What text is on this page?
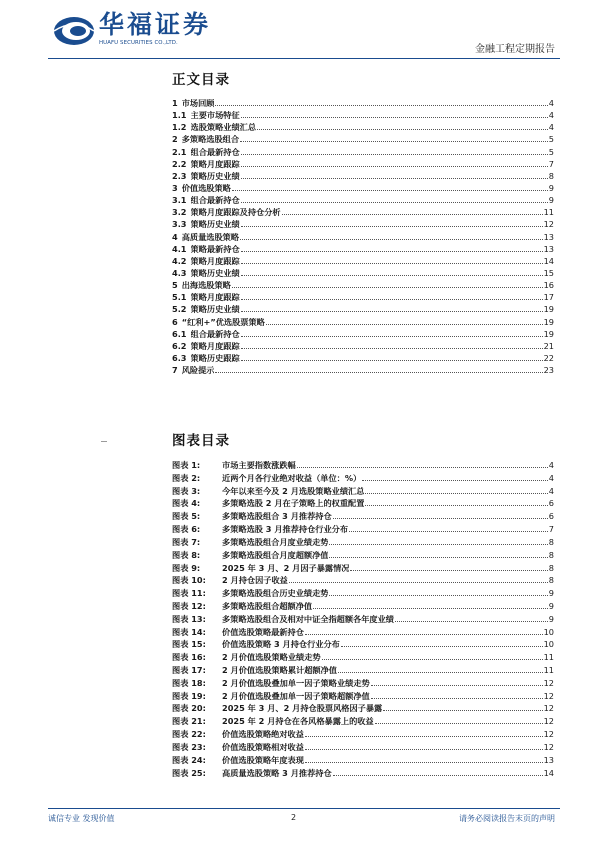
华福证券
HUAFU SECURITIES CO.,LTD.
金融工程定期报告
正文目录
1 市场回顾	4
1.1 主要市场特征	4
1.2 选股策略业绩汇总	4
2 多策略选股组合	5
2.1 组合最新持仓	5
2.2 策略月度跟踪	7
2.3 策略历史业绩	8
3 价值选股策略	9
3.1 组合最新持仓	9
3.2 策略月度跟踪及持仓分析	11
3.3 策略历史业绩	12
4 高质量选股策略	13
4.1 策略最新持仓	13
4.2 策略月度跟踪	14
4.3 策略历史业绩	15
5 出海选股策略	16
5.1 策略月度跟踪	17
5.2 策略历史业绩	19
6 “红利+”优选股票策略	19
6.1 组合最新持仓	19
6.2 策略月度跟踪	21
6.3 策略历史跟踪	22
7 风险提示	23
图表目录
图表 1:	市场主要指数涨跌幅	4
图表 2:	近两个月各行业绝对收益（单位：%）	4
图表 3:	今年以来至今及 2 月选股策略业绩汇总	4
图表 4:	多策略选股 2 月在子策略上的权重配置	6
图表 5:	多策略选股组合 3 月推荐持仓	6
图表 6:	多策略选股 3 月推荐持仓行业分布	7
图表 7:	多策略选股组合月度业绩走势	8
图表 8:	多策略选股组合月度超额净值	8
图表 9:	2025 年 3 月、2 月因子暴露情况	8
图表 10:	2 月持仓因子收益	8
图表 11:	多策略选股组合历史业绩走势	9
图表 12:	多策略选股组合超额净值	9
图表 13:	多策略选股组合及相对中证全指超额各年度业绩	9
图表 14:	价值选股策略最新持仓	10
图表 15:	价值选股策略 3 月持仓行业分布	10
图表 16:	2 月价值选股策略业绩走势	11
图表 17:	2 月价值选股策略累计超额净值	11
图表 18:	2 月价值选股叠加单一因子策略业绩走势	12
图表 19:	2 月价值选股叠加单一因子策略超额净值	12
图表 20:	2025 年 3 月、2 月持仓股票风格因子暴露	12
图表 21:	2025 年 2 月持仓在各风格暴露上的收益	12
图表 22:	价值选股策略绝对收益	12
图表 23:	价值选股策略相对收益	12
图表 24:	价值选股策略年度表现	13
图表 25:	高质量选股策略 3 月推荐持仓	14
诚信专业 发现价值	2	请务必阅读报告末页的声明
